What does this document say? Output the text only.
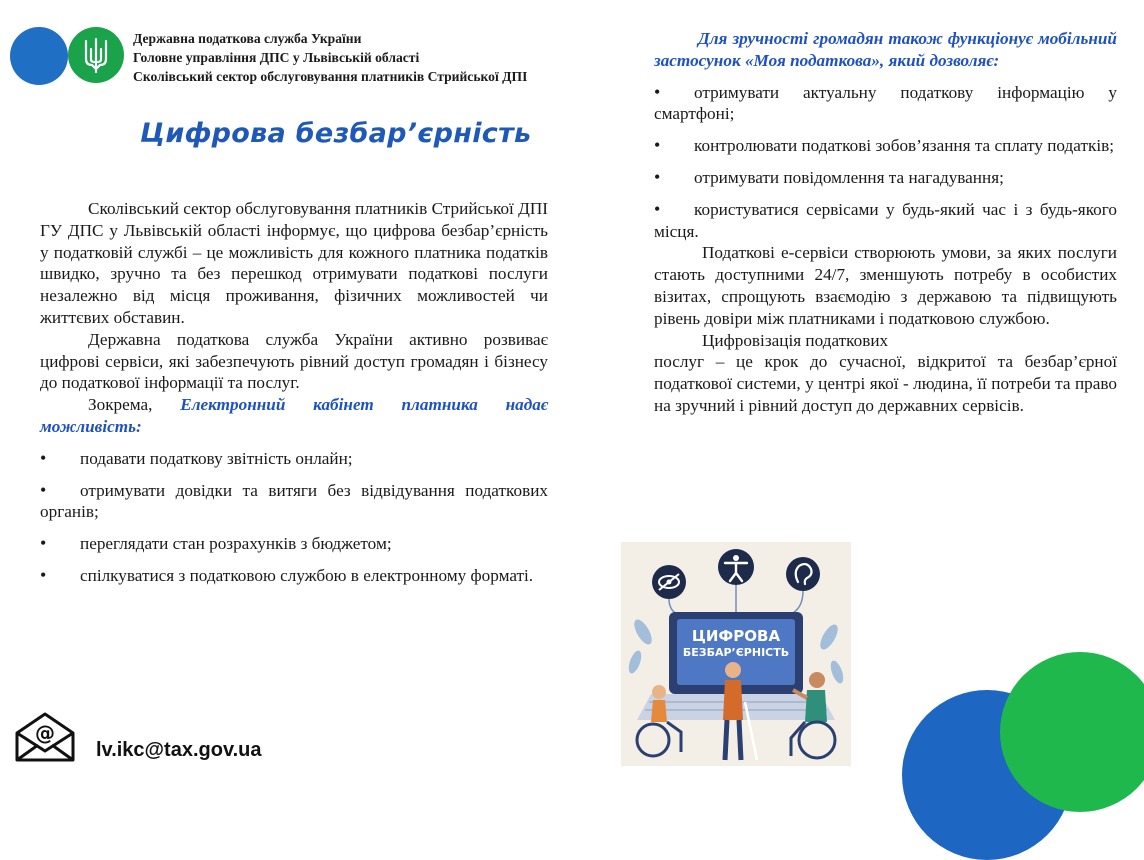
Державна податкова служба України
Головне управління ДПС у Львівській області
Сколівський сектор обслуговування платників Стрийської ДПІ
Цифрова безбар’єрність

Сколівський сектор обслуговування платників Стрийської ДПІ ГУ ДПС у Львівській області інформує, що цифрова безбар’єрність у податковій службі – це можливість для кожного платника податків швидко, зручно та без перешкод отримувати податкові послуги незалежно від місця проживання, фізичних можливостей чи життєвих обставин.

Державна податкова служба України активно розвиває цифрові сервіси, які забезпечують рівний доступ громадян і бізнесу до податкової інформації та послуг.

Зокрема, Електронний кабінет платника надає можливість:

• подавати податкову звітність онлайн;

• отримувати довідки та витяги без відвідування податкових органів;

• переглядати стан розрахунків з бюджетом;

• спілкуватися з податковою службою в електронному форматі.

Для зручності громадян також функціонує мобільний застосунок «Моя податкова», який дозволяє:

• отримувати актуальну податкову інформацію у смартфоні;

• контролювати податкові зобов’язання та сплату податків;

• отримувати повідомлення та нагадування;

• користуватися сервісами у будь-який час і з будь-якого місця.

Податкові е-сервіси створюють умови, за яких послуги стають доступними 24/7, зменшують потребу в особистих візитах, спрощують взаємодію з державою та підвищують рівень довіри між платниками і податковою службою.

Цифровізація податкових

послуг – це крок до сучасної, відкритої та безбар’єрної податкової системи, у центрі якої - людина, її потреби та право на зручний і рівний доступ до державних сервісів.

@
lv.ikc@tax.gov.ua
ЦИФРОВА
БЕЗБАР’ЄРНІСТЬ
